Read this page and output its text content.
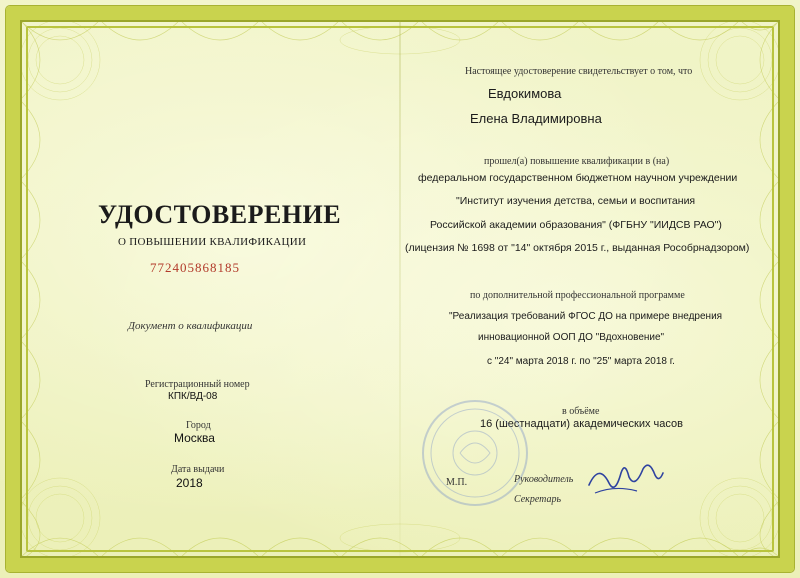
УДОСТОВЕРЕНИЕ
О ПОВЫШЕНИИ КВАЛИФИКАЦИИ
772405868185
Документ о квалификации
Регистрационный номер
КПК/ВД-08
Город
Москва
Дата выдачи
2018
Настоящее удостоверение свидетельствует о том, что
Евдокимова
Елена Владимировна
прошел(а) повышение квалификации в (на)
федеральном государственном бюджетном научном учреждении
"Институт изучения детства, семьи и воспитания
Российской академии образования" (ФГБНУ "ИИДСВ РАО")
(лицензия № 1698 от "14" октября 2015 г., выданная Рособрнадзором)
по дополнительной профессиональной программе
"Реализация требований ФГОС ДО на примере внедрения
инновационной ООП ДО "Вдохновение"
с "24" марта 2018 г. по "25" марта 2018 г.
в объёме
16 (шестнадцати) академических часов
М.П.	Руководитель
Секретарь
